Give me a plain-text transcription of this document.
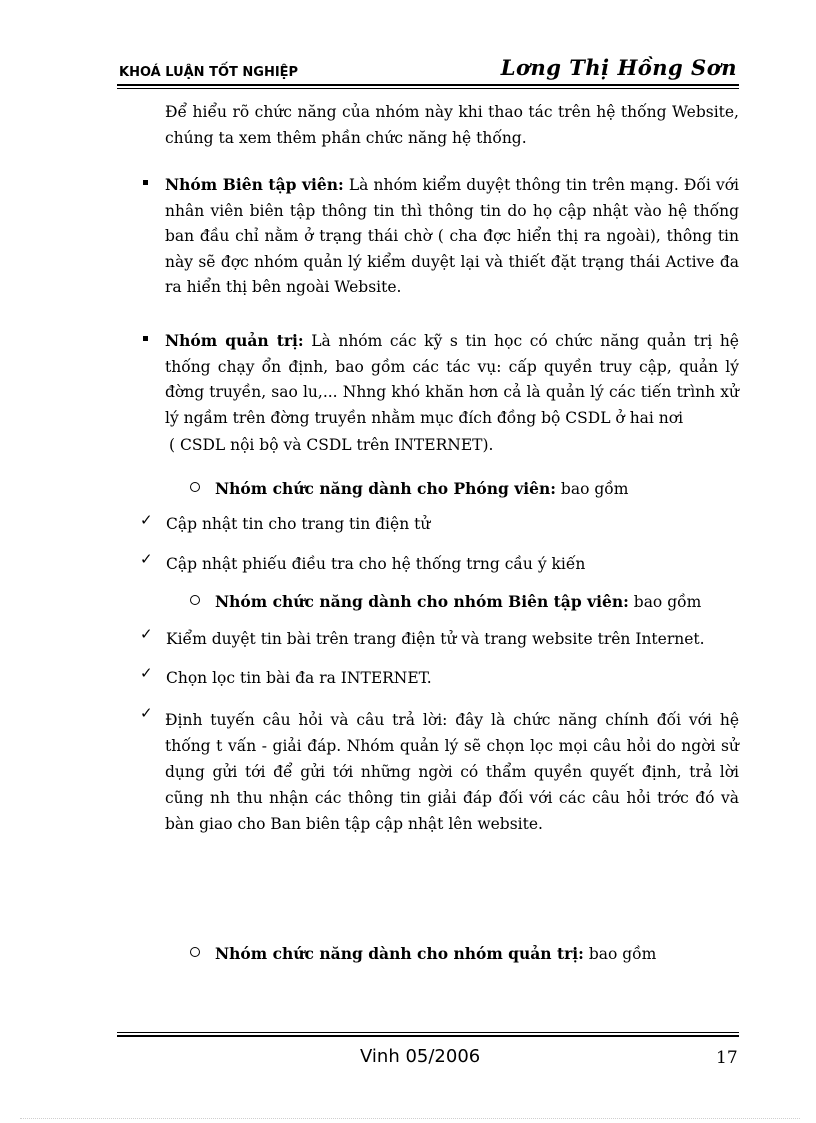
KHOÁ LUẬN TỐT NGHIỆP	Lơng Thị Hồng Sơn
Để hiểu rõ chức năng của nhóm này khi thao tác trên hệ thống Website,
chúng ta xem thêm phần chức năng hệ thống.
Nhóm Biên tập viên: Là nhóm kiểm duyệt thông tin trên mạng. Đối với nhân viên biên tập thông tin thì thông tin do họ cập nhật vào hệ thống ban đầu chỉ nằm ở trạng thái chờ ( cha đợc hiển thị ra ngoài), thông tin này sẽ đợc nhóm quản lý kiểm duyệt lại và thiết đặt trạng thái Active đa ra hiển thị bên ngoài Website.
Nhóm quản trị: Là nhóm các kỹ s tin học có chức năng quản trị hệ thống chạy ổn định, bao gồm các tác vụ: cấp quyền truy cập, quản lý đờng truyền, sao lu,... Nhng khó khăn hơn cả là quản lý các tiến trình xử lý ngầm trên đờng truyền nhằm mục đích đồng bộ CSDL ở hai nơi
( CSDL nội bộ và CSDL trên INTERNET).
Nhóm chức năng dành cho Phóng viên: bao gồm
✓ Cập nhật tin cho trang tin điện tử
✓ Cập nhật phiếu điều tra cho hệ thống trng cầu ý kiến
Nhóm chức năng dành cho nhóm Biên tập viên: bao gồm
✓ Kiểm duyệt tin bài trên trang điện tử và trang website trên Internet.
✓ Chọn lọc tin bài đa ra INTERNET.
✓ Định tuyến câu hỏi và câu trả lời: đây là chức năng chính đối với hệ thống t vấn - giải đáp. Nhóm quản lý sẽ chọn lọc mọi câu hỏi do ngời sử dụng gửi tới để gửi tới những ngời có thẩm quyền quyết định, trả lời cũng nh thu nhận các thông tin giải đáp đối với các câu hỏi trớc đó và bàn giao cho Ban biên tập cập nhật lên website.
Nhóm chức năng dành cho nhóm quản trị: bao gồm
Vinh 05/2006	17
